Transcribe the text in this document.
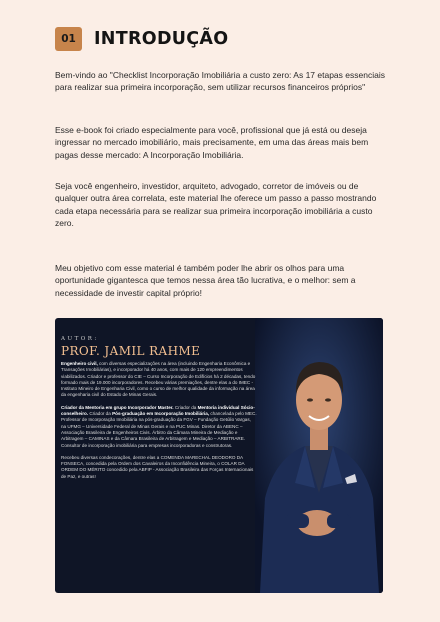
01	INTRODUÇÃO

Bem-vindo ao "Checklist Incorporação Imobiliária a custo zero: As 17 etapas essenciais para realizar sua primeira incorporação, sem utilizar recursos financeiros próprios"

Esse e-book foi criado especialmente para você, profissional que já está ou deseja ingressar no mercado imobiliário, mais precisamente, em uma das áreas mais bem pagas desse mercado: A Incorporação Imobiliária.

Seja você engenheiro, investidor, arquiteto, advogado, corretor de imóveis ou de qualquer outra área correlata, este material lhe oferece um passo a passo mostrando cada etapa necessária para se realizar sua primeira incorporação imobiliária a custo zero.

Meu objetivo com esse material é também poder lhe abrir os olhos para uma oportunidade gigantesca que temos nessa área tão lucrativa, e o melhor: sem a necessidade de investir capital próprio!

AUTOR:
PROF. JAMIL RAHME

Engenheiro civil, com diversas especializações na área (incluindo Engenharia Econômica e Transações Imobiliárias), e incorporador há 40 anos, com mais de 120 empreendimentos viabilizados. Criador e professor do CIE – Curso Incorporação de Edifícios há 2 décadas, tendo formado mais de 19.000 incorporadores. Recebeu várias premiações, dentre elas a do IMEC - Instituto Mineiro de Engenharia Civil, como o curso de melhor qualidade da informação na área da engenharia civil do Estado de Minas Gerais.

Criador da Mentoria em grupo Incorporador Master. Criador da Mentoria individual Sócio-conselheiro. Criador da Pós-graduação em Incorporação Imobiliária, chancelada pelo MEC. Professor de Incorporação Imobiliária na pós-graduação da FGV – Fundação Getúlio Vargas, na UFMG – Universidade Federal de Minas Gerais e na PUC Minas. Diretor da ABENC – Associação Brasileira de Engenheiros Civis. Árbitro da Câmara Mineira de Mediação e Arbitragem – CAMINAS e da Câmara Brasileira de Arbitragem e Mediação – ARBITRARE. Consultor de incorporação imobiliária para empresas incorporadoras e construtoras.

Recebeu diversas condecorações, dentre elas a COMENDA MARECHAL DEODORO DA FONSECA, concedida pela Ordem dos Cavaleiros da Inconfidência Mineira, o COLAR DA ORDEM DO MÉRITO concedido pela ABFIP - Associação Brasileira das Forças Internacionais de Paz, e outras!
